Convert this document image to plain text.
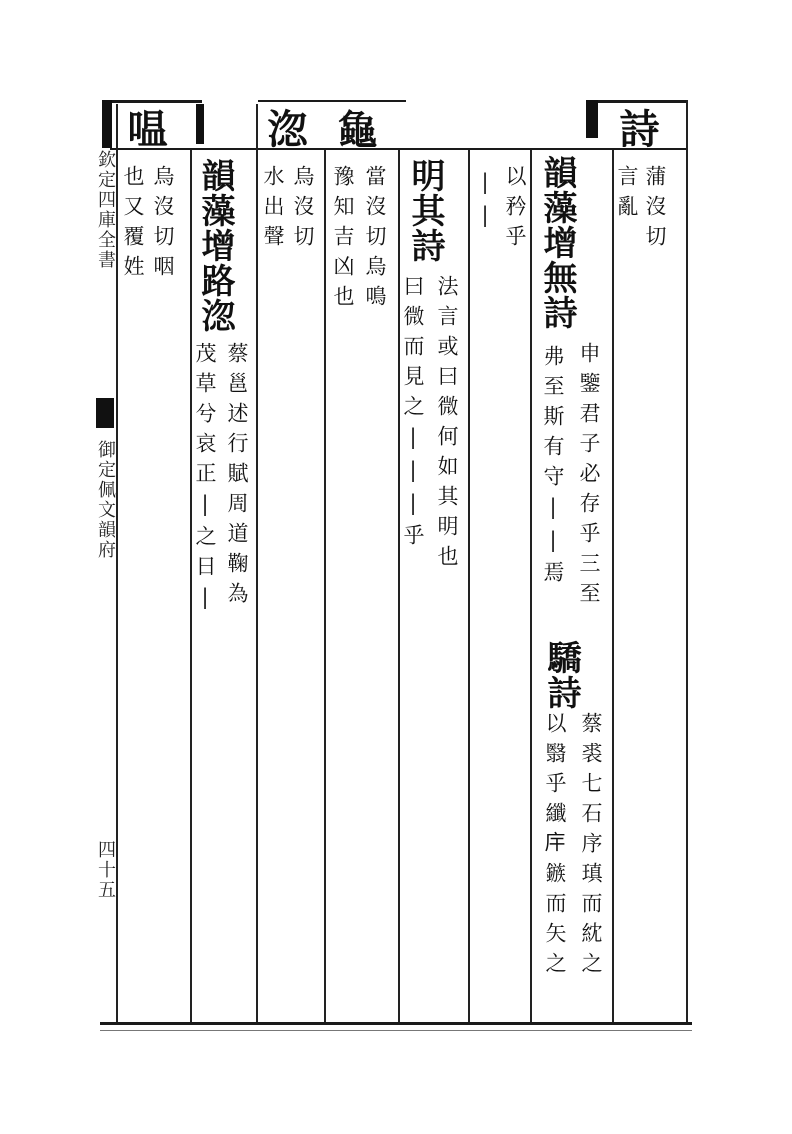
詩
蒲沒切
言亂
韻藻增無詩
申鑒君子必存乎三至
弗至斯有守||焉
驕詩
蔡裘七石序瑱而紞之
以翳乎纖𢇛鏃而矢之
以矜乎
||
明其詩
法言或曰微何如其明也
曰微而見之|||乎
𧑴
當沒切烏鳴
豫知吉凶也
淴
烏沒切
水出聲
韻藻增路淴
蔡邕述行賦周道鞠為
茂草兮哀正|之日|
嗢
烏沒切咽
也又覆姓
欽定四庫全書
御定佩文韻府
四十五
